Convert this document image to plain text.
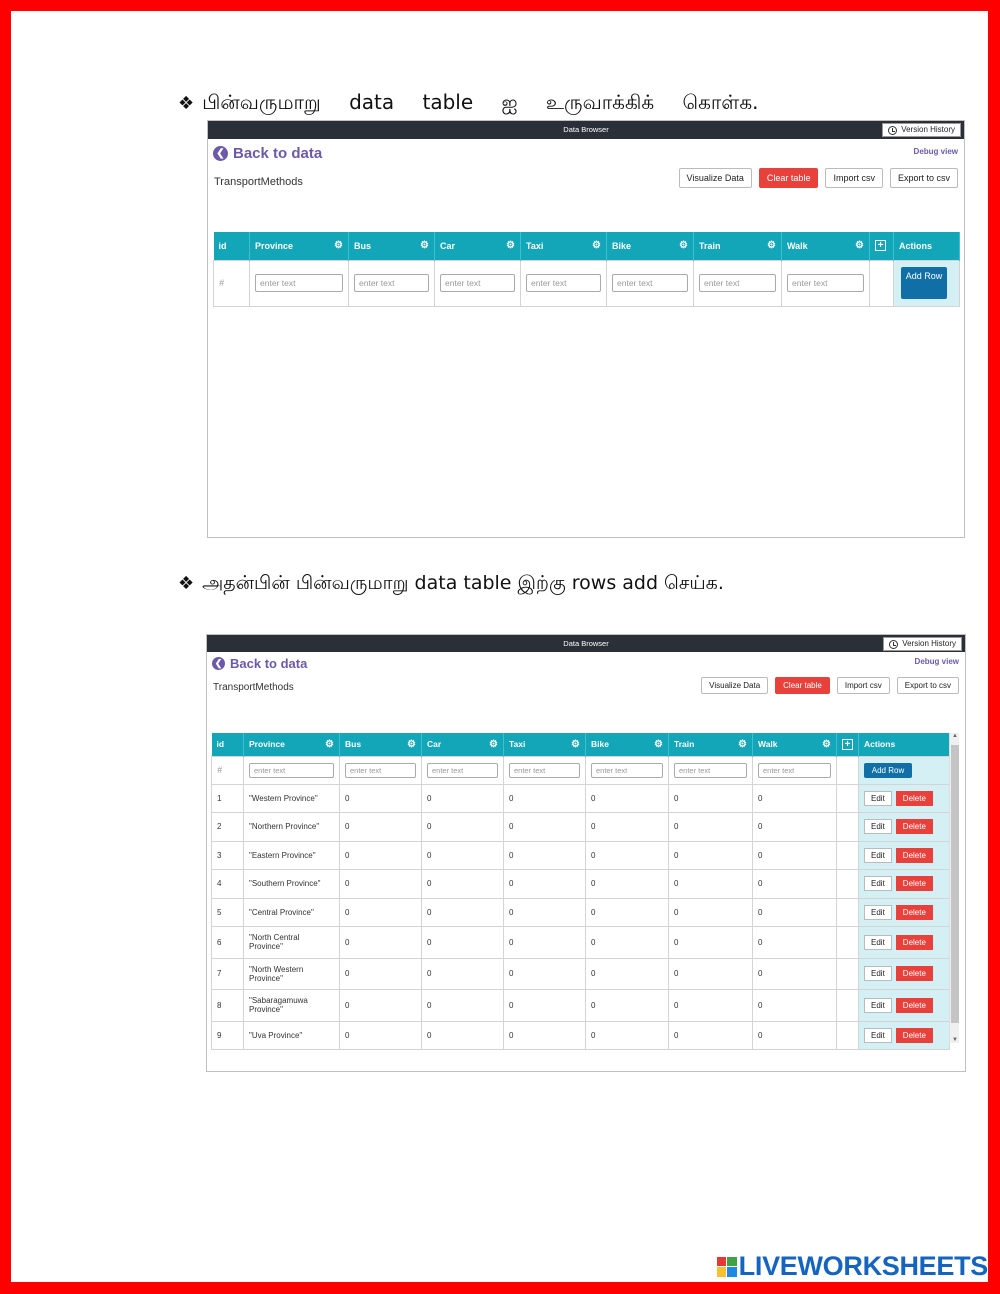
❖ பின்வருமாறு data table ஐ உருவாக்கிக் கொள்க.
Data Browser	Version History
❮ Back to data	Debug view
TransportMethods	Visualize Data	Clear table	Import csv	Export to csv
id	Province ⚙	Bus ⚙	Car ⚙	Taxi ⚙	Bike ⚙	Train ⚙	Walk ⚙	+	Actions
#	enter text	enter text	enter text	enter text	enter text	enter text	enter text		Add Row
❖ அதன்பின் பின்வருமாறு data table இற்கு rows add செய்க.
Data Browser	Version History
❮ Back to data	Debug view
TransportMethods	Visualize Data	Clear table	Import csv	Export to csv
id	Province ⚙	Bus ⚙	Car ⚙	Taxi ⚙	Bike ⚙	Train ⚙	Walk ⚙	+	Actions
#	enter text	enter text	enter text	enter text	enter text	enter text	enter text		Add Row

1	"Western Province"	0	0	0	0	0	0		Edit Delete

2	"Northern Province"	0	0	0	0	0	0		Edit Delete

3	"Eastern Province"	0	0	0	0	0	0		Edit Delete

4	"Southern Province"	0	0	0	0	0	0		Edit Delete

5	"Central Province"	0	0	0	0	0	0		Edit Delete

6	"North Central Province"	0	0	0	0	0	0		Edit Delete

7	"North Western Province"	0	0	0	0	0	0		Edit Delete

8	"Sabaragamuwa Province"	0	0	0	0	0	0		Edit Delete

9	"Uva Province"	0	0	0	0	0	0		Edit Delete
▲
▼
LIVEWORKSHEETS
